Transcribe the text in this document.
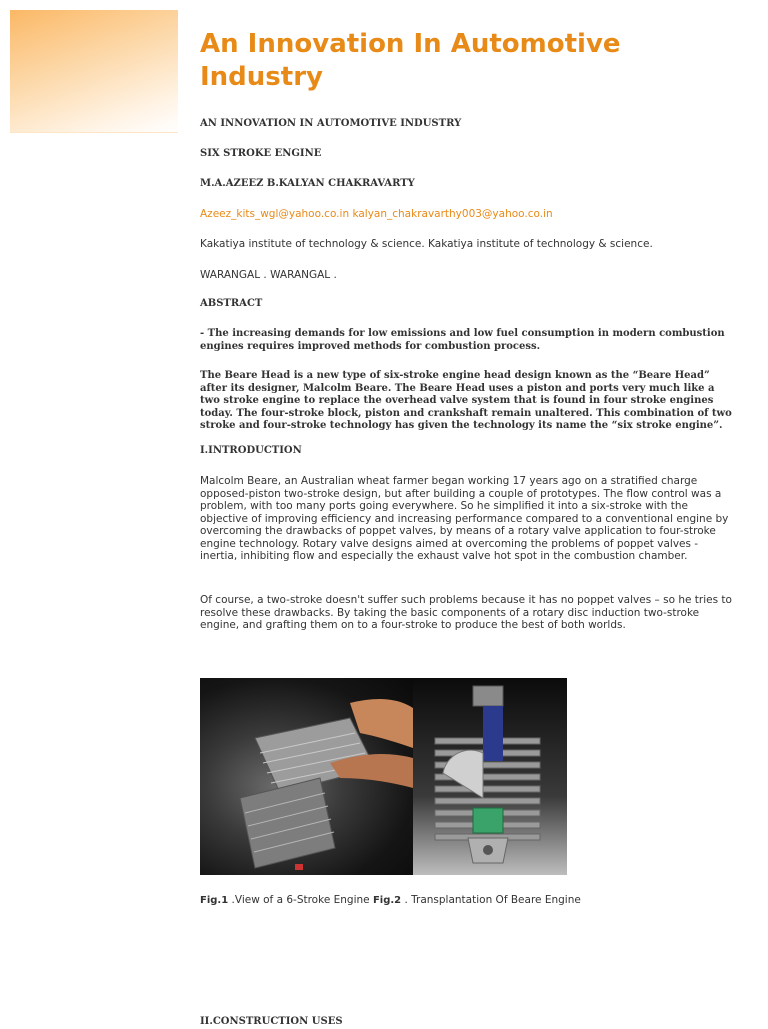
An Innovation In Automotive Industry
AN INNOVATION IN AUTOMOTIVE INDUSTRY
SIX STROKE ENGINE
M.A.AZEEZ B.KALYAN CHAKRAVARTY
Azeez_kits_wgl@yahoo.co.in kalyan_chakravarthy003@yahoo.co.in
Kakatiya institute of technology & science. Kakatiya institute of technology & science.
WARANGAL . WARANGAL .
ABSTRACT
- The increasing demands for low emissions and low fuel consumption in modern combustion engines requires improved methods for combustion process.
The Beare Head is a new type of six-stroke engine head design known as the “Beare Head” after its designer, Malcolm Beare. The Beare Head uses a piston and ports very much like a two stroke engine to replace the overhead valve system that is found in four stroke engines today. The four-stroke block, piston and crankshaft remain unaltered. This combination of two stroke and four-stroke technology has given the technology its name the “six stroke engine”.
I.INTRODUCTION
Malcolm Beare, an Australian wheat farmer began working 17 years ago on a stratified charge opposed-piston two-stroke design, but after building a couple of prototypes. The flow control was a problem, with too many ports going everywhere. So he simplified it into a six-stroke with the objective of improving efficiency and increasing performance compared to a conventional engine by overcoming the drawbacks of poppet valves, by means of a rotary valve application to four-stroke engine technology. Rotary valve designs aimed at overcoming the problems of poppet valves - inertia, inhibiting flow and especially the exhaust valve hot spot in the combustion chamber.
Of course, a two-stroke doesn't suffer such problems because it has no poppet valves – so he tries to resolve these drawbacks. By taking the basic components of a rotary disc induction two-stroke engine, and grafting them on to a four-stroke to produce the best of both worlds.
Fig.1 .View of a 6-Stroke Engine Fig.2 . Transplantation Of Beare Engine
II.CONSTRUCTION USES
